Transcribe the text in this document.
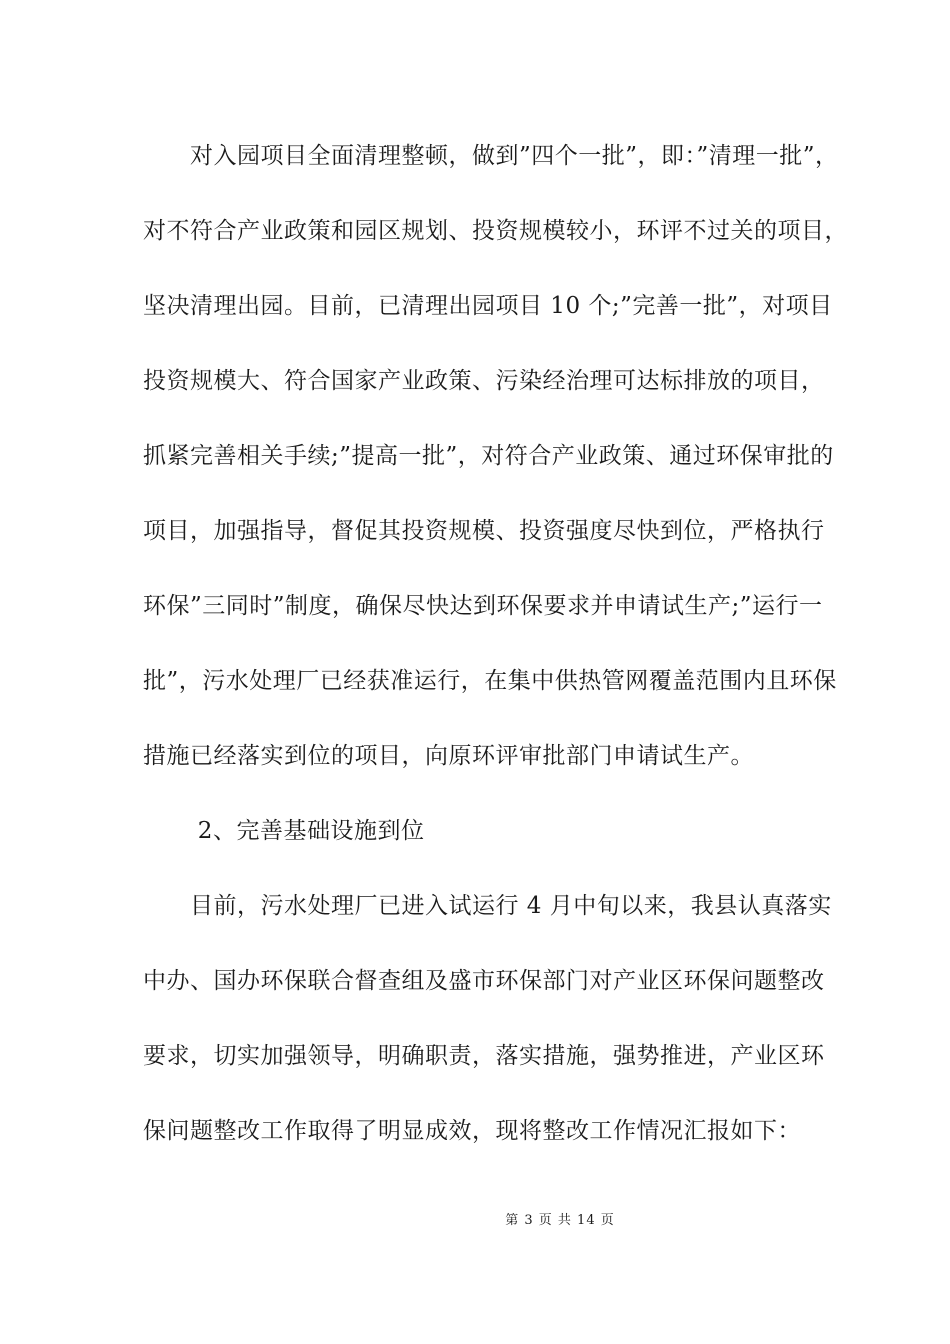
　　对入园项目全面清理整顿，做到”四个一批”，即：”清理一批”，
对不符合产业政策和园区规划、投资规模较小，环评不过关的项目，
坚决清理出园。目前，已清理出园项目 10 个;”完善一批”，对项目
投资规模大、符合国家产业政策、污染经治理可达标排放的项目，
抓紧完善相关手续;”提高一批”，对符合产业政策、通过环保审批的
项目，加强指导，督促其投资规模、投资强度尽快到位，严格执行
环保”三同时”制度，确保尽快达到环保要求并申请试生产;”运行一
批”，污水处理厂已经获准运行，在集中供热管网覆盖范围内且环保
措施已经落实到位的项目，向原环评审批部门申请试生产。
　　 2、完善基础设施到位
　　目前，污水处理厂已进入试运行 4 月中旬以来，我县认真落实
中办、国办环保联合督查组及盛市环保部门对产业区环保问题整改
要求，切实加强领导，明确职责，落实措施，强势推进，产业区环
保问题整改工作取得了明显成效，现将整改工作情况汇报如下：
第 3 页 共 14 页
